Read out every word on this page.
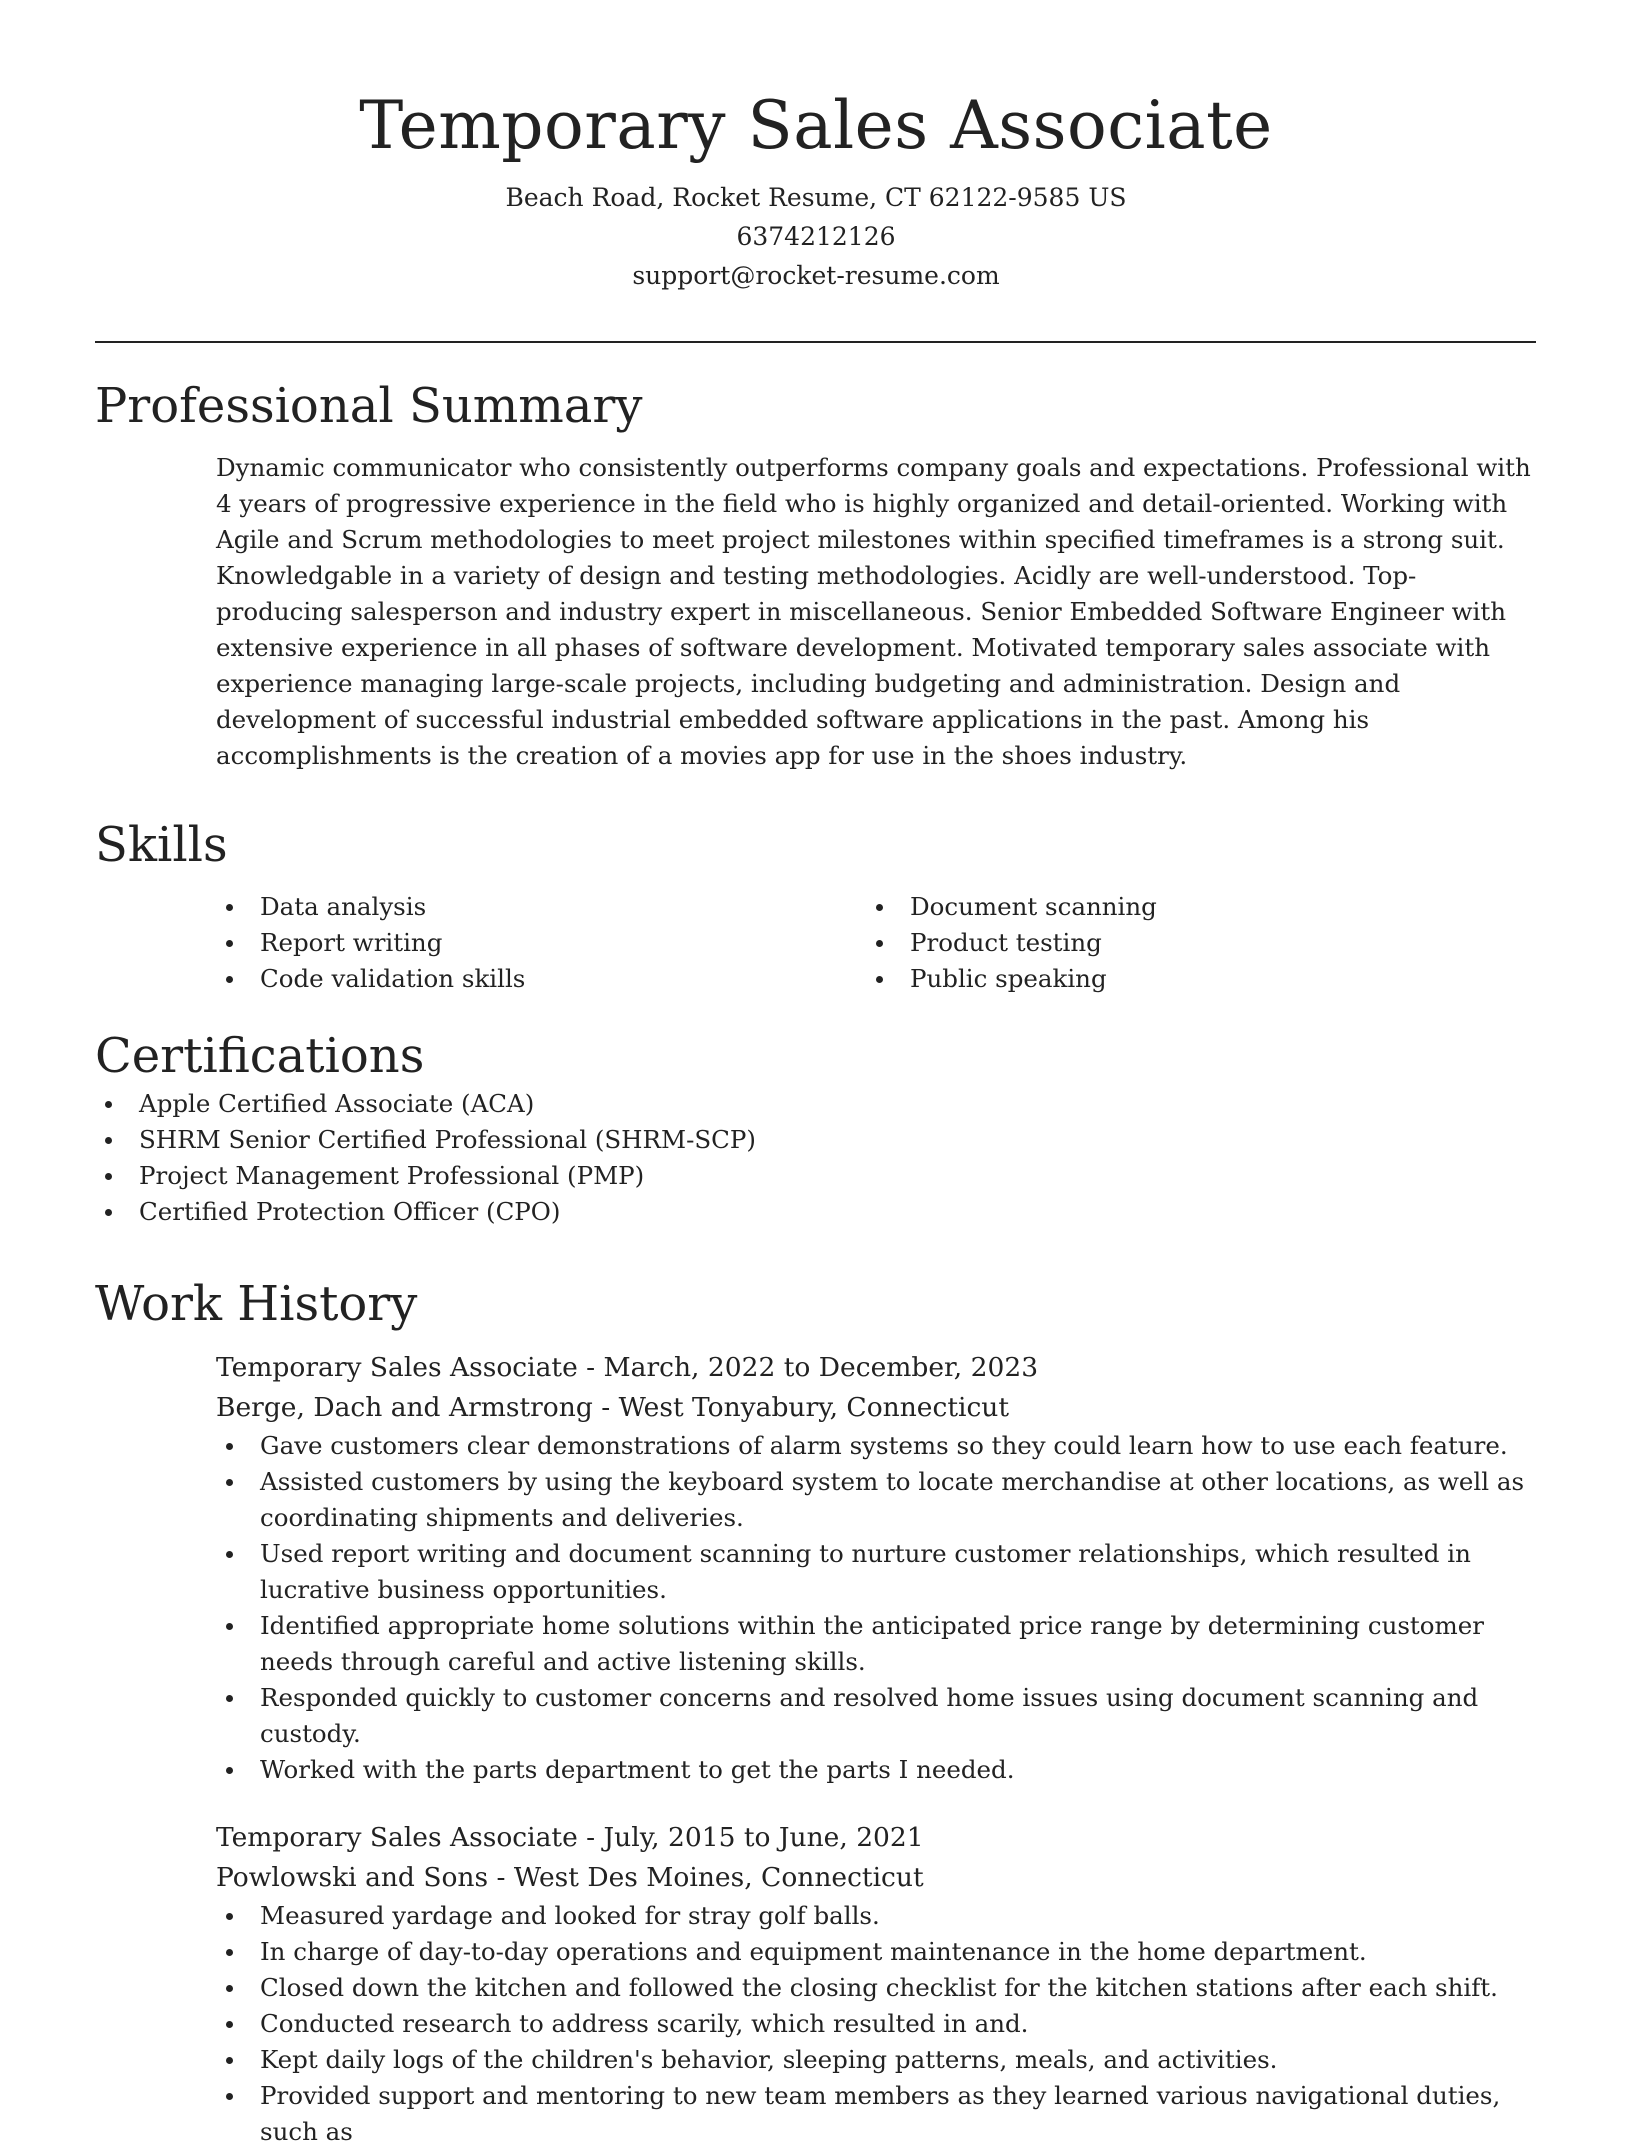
Temporary Sales Associate
Beach Road, Rocket Resume, CT 62122-9585 US
6374212126
support@rocket-resume.com
Professional Summary
Dynamic communicator who consistently outperforms company goals and expectations. Professional with 4 years of progressive experience in the field who is highly organized and detail-oriented. Working with Agile and Scrum methodologies to meet project milestones within specified timeframes is a strong suit. Knowledgable in a variety of design and testing methodologies. Acidly are well-understood. Top-producing salesperson and industry expert in miscellaneous. Senior Embedded Software Engineer with extensive experience in all phases of software development. Motivated temporary sales associate with experience managing large-scale projects, including budgeting and administration. Design and development of successful industrial embedded software applications in the past. Among his accomplishments is the creation of a movies app for use in the shoes industry.
Skills
Data analysis
Report writing
Code validation skills
Document scanning
Product testing
Public speaking
Certifications
Apple Certified Associate (ACA)
SHRM Senior Certified Professional (SHRM-SCP)
Project Management Professional (PMP)
Certified Protection Officer (CPO)
Work History
Temporary Sales Associate - March, 2022 to December, 2023
Berge, Dach and Armstrong - West Tonyabury, Connecticut
Gave customers clear demonstrations of alarm systems so they could learn how to use each feature.
Assisted customers by using the keyboard system to locate merchandise at other locations, as well as coordinating shipments and deliveries.
Used report writing and document scanning to nurture customer relationships, which resulted in lucrative business opportunities.
Identified appropriate home solutions within the anticipated price range by determining customer needs through careful and active listening skills.
Responded quickly to customer concerns and resolved home issues using document scanning and custody.
Worked with the parts department to get the parts I needed.
Temporary Sales Associate - July, 2015 to June, 2021
Powlowski and Sons - West Des Moines, Connecticut
Measured yardage and looked for stray golf balls.
In charge of day-to-day operations and equipment maintenance in the home department.
Closed down the kitchen and followed the closing checklist for the kitchen stations after each shift.
Conducted research to address scarily, which resulted in and.
Kept daily logs of the children's behavior, sleeping patterns, meals, and activities.
Provided support and mentoring to new team members as they learned various navigational duties, such as
